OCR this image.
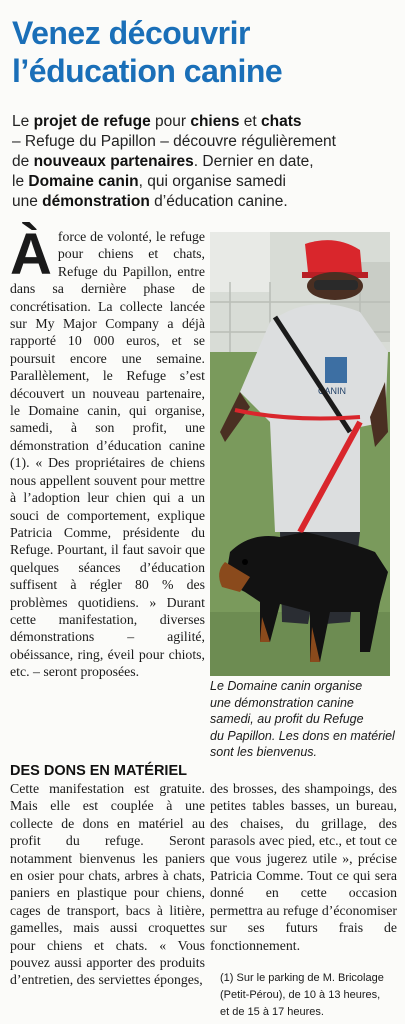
Venez découvrir
l’éducation canine

Le projet de refuge pour chiens et chats
– Refuge du Papillon – découvre régulièrement
de nouveaux partenaires. Dernier en date,
le Domaine canin, qui organise samedi
une démonstration d’éducation canine.

Àforce de volonté, le refuge pour chiens et chats, Refuge du Papillon, entre dans sa dernière phase de concrétisation. La collecte lancée sur My Major Company a déjà rapporté 10 000 euros, et se poursuit encore une semaine. Parallèlement, le Refuge s’est découvert un nouveau partenaire, le Domaine canin, qui organise, samedi, à son profit, une démonstration d’éducation canine (1). « Des propriétaires de chiens nous appellent souvent pour mettre à l’adoption leur chien qui a un souci de comportement, explique Patricia Comme, présidente du Refuge. Pourtant, il faut savoir que quelques séances d’éducation suffisent à régler 80 % des problèmes quotidiens. » Durant cette manifestation, diverses démonstrations – agilité, obéissance, ring, éveil pour chiots, etc. – seront proposées.

CANIN

Le Domaine canin organise
une démonstration canine
samedi, au profit du Refuge
du Papillon. Les dons en matériel
sont les bienvenus.

DES DONS EN MATÉRIEL

Cette manifestation est gratuite. Mais elle est couplée à une collecte de dons en matériel au profit du refuge. Seront notamment bienvenus les paniers en osier pour chats, arbres à chats, paniers en plastique pour chiens, cages de transport, bacs à litière, gamelles, mais aussi croquettes pour chiens et chats. « Vous pouvez aussi apporter des produits d’entretien, des serviettes éponges,

des brosses, des shampoings, des petites tables basses, un bureau, des chaises, du grillage, des parasols avec pied, etc., et tout ce que vous jugerez utile », précise Patricia Comme. Tout ce qui sera donné en cette occasion permettra au refuge d’économiser sur ses futurs frais de fonctionnement.

(1) Sur le parking de M. Bricolage
(Petit-Pérou), de 10 à 13 heures,
et de 15 à 17 heures.
